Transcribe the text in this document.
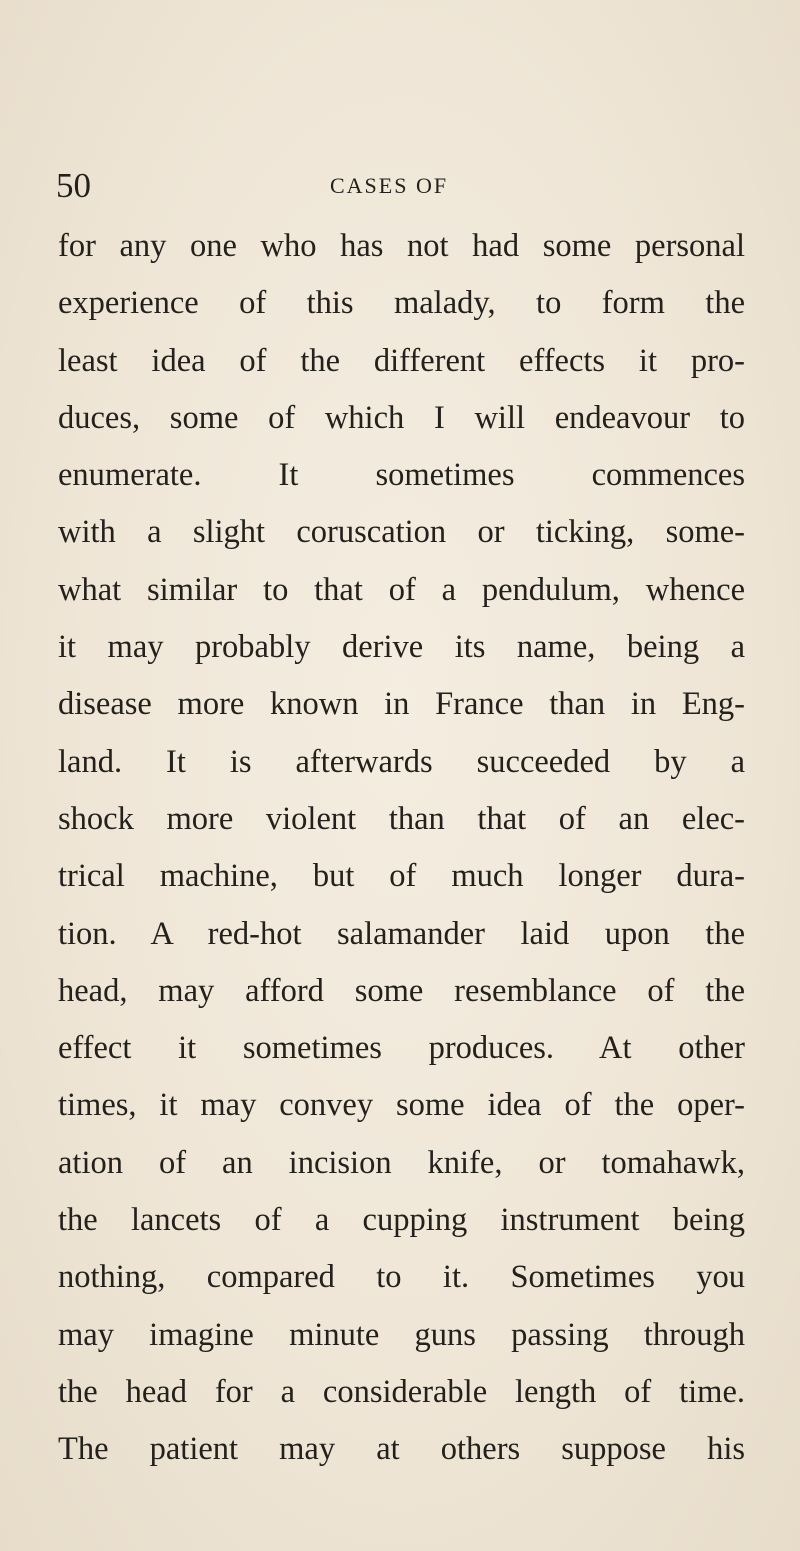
50	CASES OF
for any one who has not had some personal
experience of this malady, to form the
least idea of the different effects it pro-
duces, some of which I will endeavour to
enumerate. It sometimes commences
with a slight coruscation or ticking, some-
what similar to that of a pendulum, whence
it may probably derive its name, being a
disease more known in France than in Eng-
land. It is afterwards succeeded by a
shock more violent than that of an elec-
trical machine, but of much longer dura-
tion. A red-hot salamander laid upon the
head, may afford some resemblance of the
effect it sometimes produces. At other
times, it may convey some idea of the oper-
ation of an incision knife, or tomahawk,
the lancets of a cupping instrument being
nothing, compared to it. Sometimes you
may imagine minute guns passing through
the head for a considerable length of time.
The patient may at others suppose his
